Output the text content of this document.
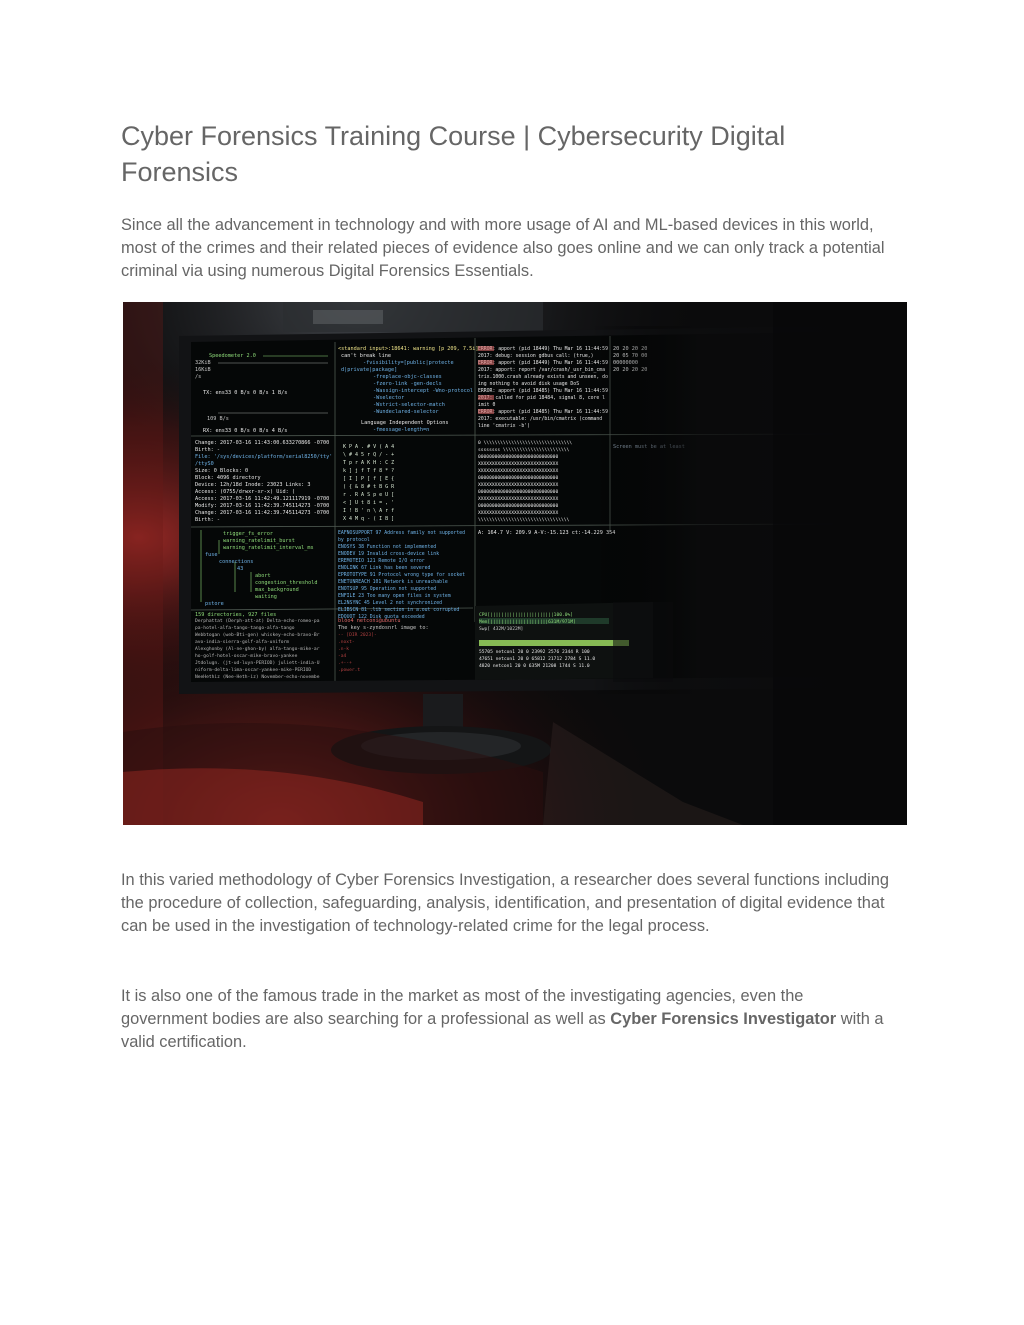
Cyber Forensics Training Course | Cybersecurity Digital Forensics

Since all the advancement in technology and with more usage of AI and ML-based devices in this world, most of the crimes and their related pieces of evidence also goes online and we can only track a potential criminal via using numerous Digital Forensics Essentials.

CPU[|||||||||||||||||||||||100.0%]
Mem[|||||||||||||||||||||631M/971M]
Swp[ 432M/1022M]
55705 netcon1 20 0 23992 2576 2344 R 100
47651 netcon1 20 0 65812 21712 2784 S 11.0
4820 netcon1 20 0 635M 21208 1744 S 11.0

In this varied methodology of Cyber Forensics Investigation, a researcher does several functions including the procedure of collection, safeguarding, analysis, identification, and presentation of digital evidence that can be used in the investigation of technology-related crime for the legal process.

It is also one of the famous trade in the market as most of the investigating agencies, even the government bodies are also searching for a professional as well as Cyber Forensics Investigator with a valid certification.
